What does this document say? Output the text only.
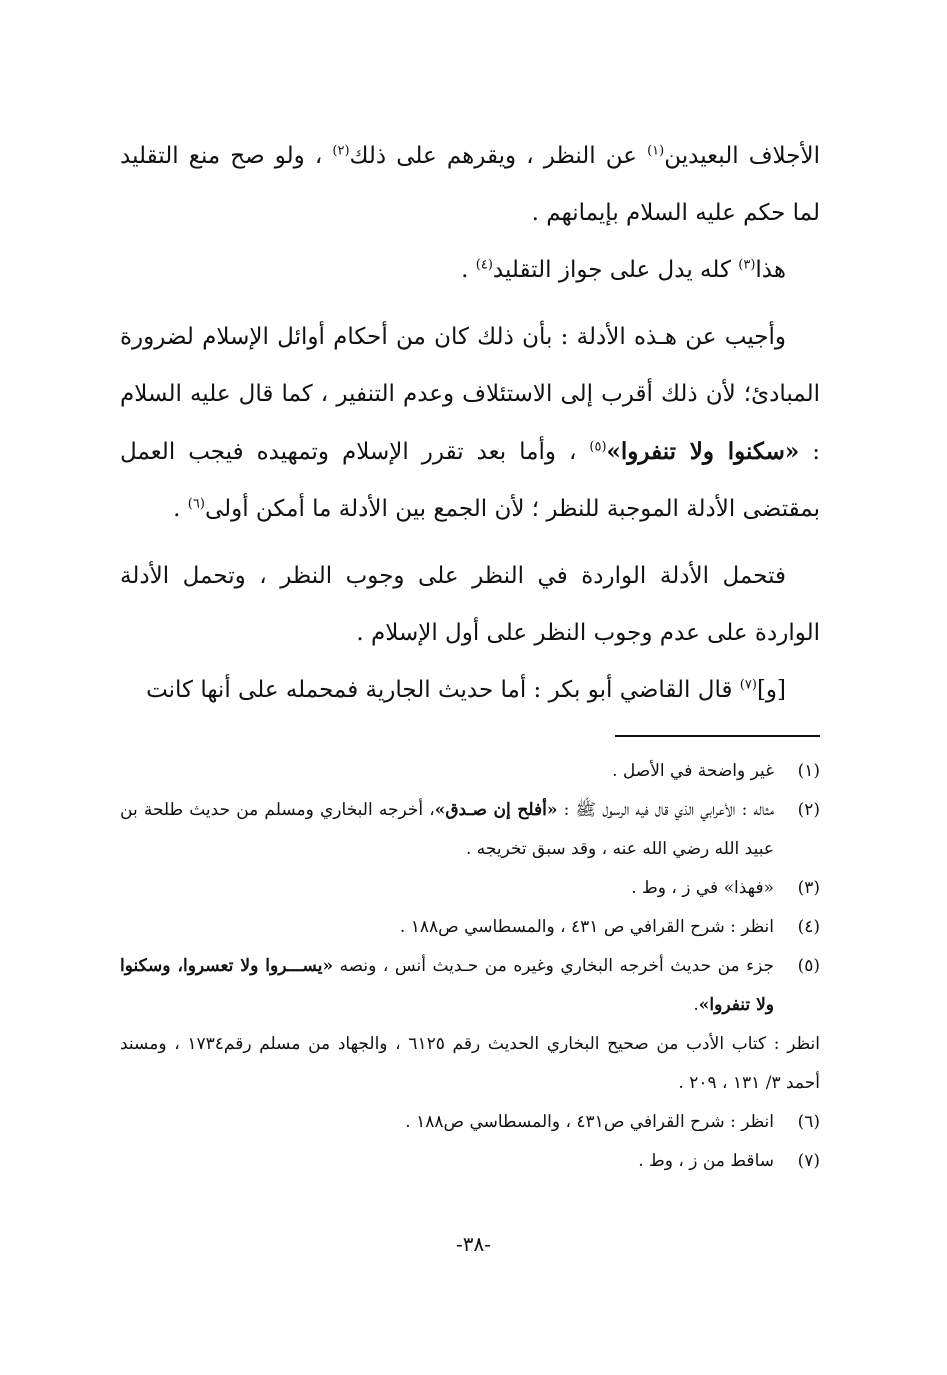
الأجلاف البعيدين$^{(١)}$ عن النظر ، ويقرهم على ذلك$^{(٢)}$ ، ولو صح منع التقليد لما حكم عليه السلام بإيمانهم .

هذا$^{(٣)}$ كله يدل على جواز التقليد$^{(٤)}$ .

وأجيب عن هـذه الأدلة : بأن ذلك كان من أحكام أوائل الإسلام لضرورة المبادئ؛ لأن ذلك أقرب إلى الاستئلاف وعدم التنفير ، كما قال عليه السلام : «سكنوا ولا تنفروا»$^{(٥)}$ ، وأما بعد تقرر الإسلام وتمهيده فيجب العمل بمقتضى الأدلة الموجبة للنظر ؛ لأن الجمع بين الأدلة ما أمكن أولى$^{(٦)}$ .

فتحمل الأدلة الواردة في النظر على وجوب النظر ، وتحمل الأدلة الواردة على عدم وجوب النظر على أول الإسلام .

[و]$^{(٧)}$ قال القاضي أبو بكر : أما حديث الجارية فمحمله على أنها كانت

(١)
غير واضحة في الأصل .
(٢)
مثاله : الأعرابي الذي قال فيه الرسول ﷺ : «أفلح إن صـدق»، أخرجه البخاري ومسلم من حديث طلحة بن عبيد الله رضي الله عنه ، وقد سبق تخريجه .
(٣)
«فهذا» في ز ، وط .
(٤)
انظر : شرح القرافي ص ٤٣١ ، والمسطاسي ص١٨٨ .
(٥)
جزء من حديث أخرجه البخاري وغيره من حـديث أنس ، ونصه «يســـروا ولا تعسروا، وسكنوا ولا تنفروا».
انظر : كتاب الأدب من صحيح البخاري الحديث رقم ٦١٢٥ ، والجهاد من مسلم رقم١٧٣٤ ، ومسند أحمد ٣/ ١٣١ ، ٢٠٩ .
(٦)
انظر : شرح القرافي ص٤٣١ ، والمسطاسي ص١٨٨ .
(٧)
ساقط من ز ، وط .
-٣٨-
